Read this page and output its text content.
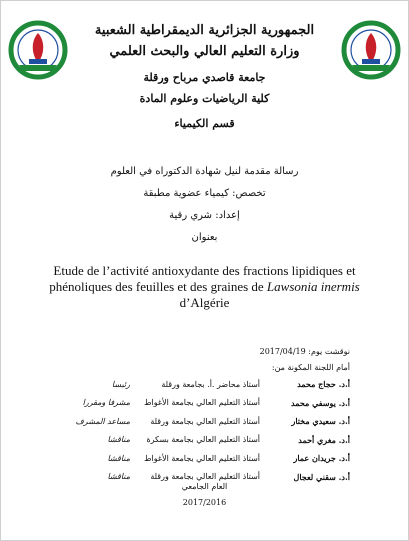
الجمهورية الجزائرية الديمقراطية الشعبية
وزارة التعليم العالي والبحث العلمي
جامعة قاصدي مرباح ورقلة
كلية الرياضيات وعلوم المادة
قسم الكيمياء
رسالة مقدمة لنيل شهادة الدكتوراه في العلوم
تخصص: كيمياء عضوية مطبقة
إعداد: شري رقية
بعنوان
Etude de l’activité antioxydante des fractions lipidiques et phénoliques des feuilles et des graines de Lawsonia inermis
d’Algérie
نوقشت يوم: 2017/04/19
أمام اللجنة المكونة من:
أ.د. حجاج محمد
أستاذ محاضر .أ. بجامعة ورقلة
رئيسا
أ.د. يوسفي محمد
أستاذ التعليم العالي بجامعة الأغواط
مشرفا ومقررا
أ.د. سعيدي مختار
أستاذ التعليم العالي بجامعة ورقلة
مساعد المشرف
أ.د. مغري أحمد
أستاذ التعليم العالي بجامعة بسكرة
مناقشا
أ.د. جريدان عمار
أستاذ التعليم العالي بجامعة الأغواط
مناقشا
أ.د. سقني لعجال
أستاذ التعليم العالي بجامعة ورقلة
مناقشا
العام الجامعي
2017/2016
